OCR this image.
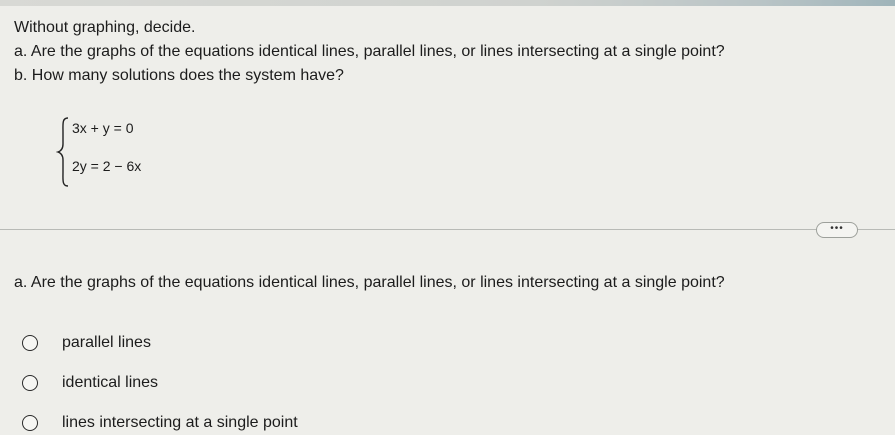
Without graphing, decide.
a. Are the graphs of the equations identical lines, parallel lines, or lines intersecting at a single point?
b. How many solutions does the system have?
3x + y = 0
2y = 2 − 6x
•••
a. Are the graphs of the equations identical lines, parallel lines, or lines intersecting at a single point?
parallel lines
identical lines
lines intersecting at a single point
